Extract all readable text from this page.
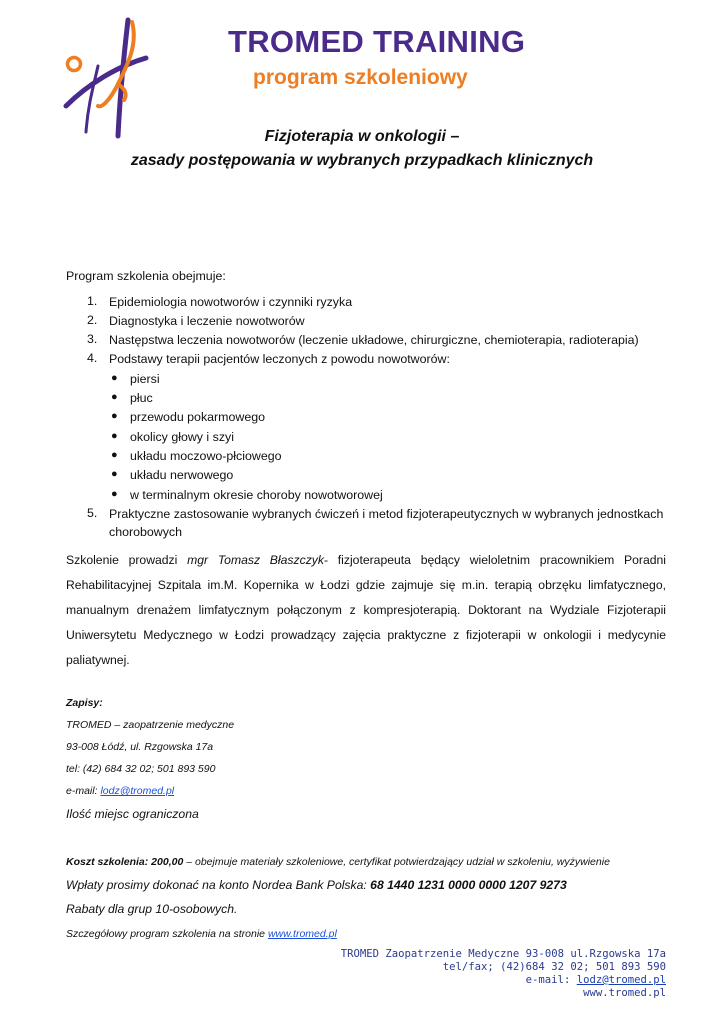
TROMED TRAINING
program szkoleniowy
Fizjoterapia w onkologii –
zasady postępowania w wybranych przypadkach klinicznych
Program szkolenia obejmuje:
1. Epidemiologia nowotworów i czynniki ryzyka
2. Diagnostyka i leczenie nowotworów
3. Następstwa leczenia nowotworów (leczenie układowe, chirurgiczne, chemioterapia, radioterapia)
4. Podstawy terapii pacjentów leczonych z powodu nowotworów:
● piersi
● płuc
● przewodu pokarmowego
● okolicy głowy i szyi
● układu moczowo-płciowego
● układu nerwowego
● w terminalnym okresie choroby nowotworowej
5. Praktyczne zastosowanie wybranych ćwiczeń i metod fizjoterapeutycznych w wybranych jednostkach
chorobowych
Szkolenie prowadzi mgr Tomasz Błaszczyk- fizjoterapeuta będący wieloletnim pracownikiem Poradni Rehabilitacyjnej Szpitala im.M. Kopernika w Łodzi gdzie zajmuje się m.in. terapią obrzęku limfatycznego, manualnym drenażem limfatycznym połączonym z kompresjoterapią. Doktorant na Wydziale Fizjoterapii Uniwersytetu Medycznego w Łodzi prowadzący zajęcia praktyczne z fizjoterapii w onkologii i medycynie paliatywnej.
Zapisy:
TROMED – zaopatrzenie medyczne
93-008 Łódź, ul. Rzgowska 17a
tel: (42) 684 32 02; 501 893 590
e-mail: lodz@tromed.pl
Ilość miejsc ograniczona
Koszt szkolenia: 200,00 – obejmuje materiały szkoleniowe, certyfikat potwierdzający udział w szkoleniu, wyżywienie
Wpłaty prosimy dokonać na konto Nordea Bank Polska: 68 1440 1231 0000 0000 1207 9273
Rabaty dla grup 10-osobowych.
Szczegółowy program szkolenia na stronie www.tromed.pl
TROMED Zaopatrzenie Medyczne 93-008 ul.Rzgowska 17a
tel/fax; (42)684 32 02; 501 893 590
e-mail: lodz@tromed.pl
www.tromed.pl
